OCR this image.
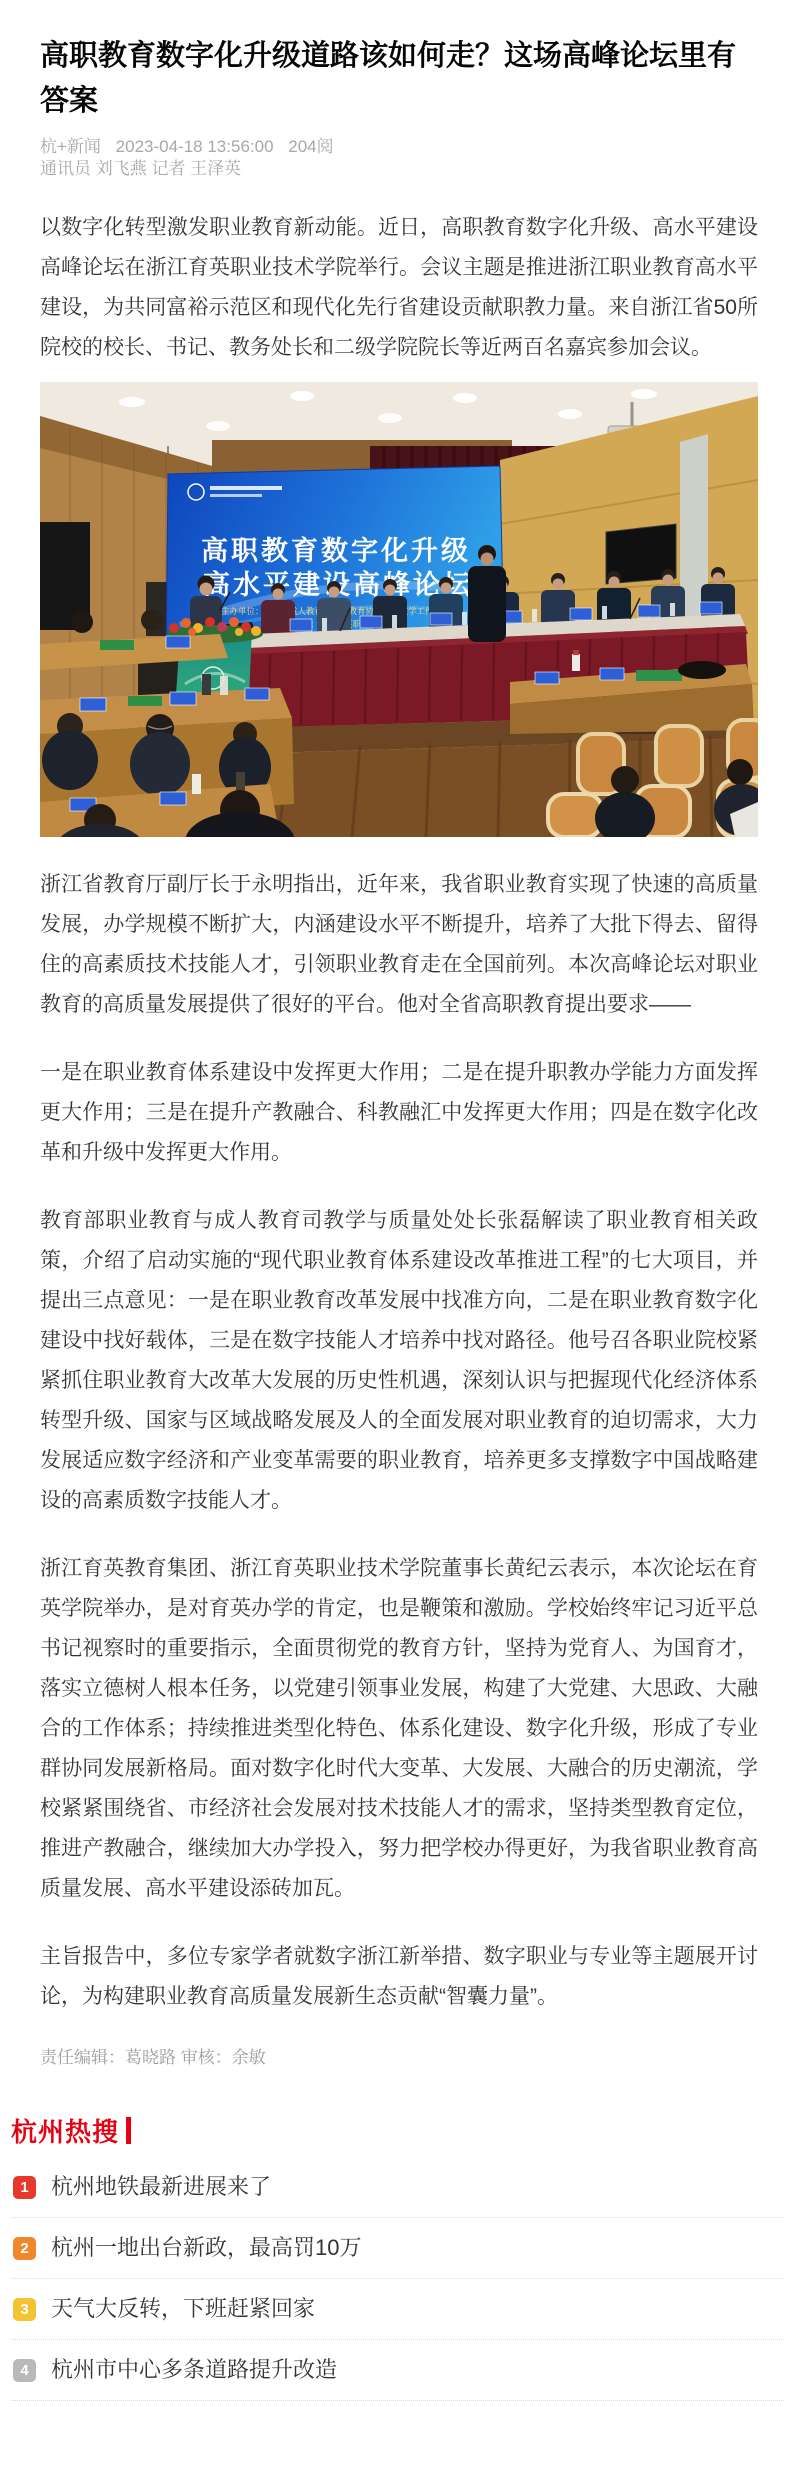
高职教育数字化升级道路该如何走？这场高峰论坛里有答案
杭+新闻 2023-04-18 13:56:00 204阅
通讯员 刘飞燕 记者 王泽英

以数字化转型激发职业教育新动能。近日，高职教育数字化升级、高水平建设高峰论坛在浙江育英职业技术学院举行。会议主题是推进浙江职业教育高水平建设，为共同富裕示范区和现代化先行省建设贡献职教力量。来自浙江省50所院校的校长、书记、教务处长和二级学院院长等近两百名嘉宾参加会议。

高职教育数字化升级

浙江省教育厅副厅长于永明指出，近年来，我省职业教育实现了快速的高质量发展，办学规模不断扩大，内涵建设水平不断提升，培养了大批下得去、留得住的高素质技术技能人才，引领职业教育走在全国前列。本次高峰论坛对职业教育的高质量发展提供了很好的平台。他对全省高职教育提出要求——

一是在职业教育体系建设中发挥更大作用；二是在提升职教办学能力方面发挥更大作用；三是在提升产教融合、科教融汇中发挥更大作用；四是在数字化改革和升级中发挥更大作用。

教育部职业教育与成人教育司教学与质量处处长张磊解读了职业教育相关政策，介绍了启动实施的“现代职业教育体系建设改革推进工程”的七大项目，并提出三点意见：一是在职业教育改革发展中找准方向，二是在职业教育数字化建设中找好载体，三是在数字技能人才培养中找对路径。他号召各职业院校紧紧抓住职业教育大改革大发展的历史性机遇，深刻认识与把握现代化经济体系转型升级、国家与区域战略发展及人的全面发展对职业教育的迫切需求，大力发展适应数字经济和产业变革需要的职业教育，培养更多支撑数字中国战略建设的高素质数字技能人才。

浙江育英教育集团、浙江育英职业技术学院董事长黄纪云表示，本次论坛在育英学院举办，是对育英办学的肯定，也是鞭策和激励。学校始终牢记习近平总书记视察时的重要指示，全面贯彻党的教育方针，坚持为党育人、为国育才，落实立德树人根本任务，以党建引领事业发展，构建了大党建、大思政、大融合的工作体系；持续推进类型化特色、体系化建设、数字化升级，形成了专业群协同发展新格局。面对数字化时代大变革、大发展、大融合的历史潮流，学校紧紧围绕省、市经济社会发展对技术技能人才的需求，坚持类型教育定位，推进产教融合，继续加大办学投入，努力把学校办得更好，为我省职业教育高质量发展、高水平建设添砖加瓦。

主旨报告中，多位专家学者就数字浙江新举措、数字职业与专业等主题展开讨论，为构建职业教育高质量发展新生态贡献“智囊力量”。

责任编辑：葛晓路 审核：余敏
杭州热搜
1	杭州地铁最新进展来了
2	杭州一地出台新政，最高罚10万
3	天气大反转，下班赶紧回家
4	杭州市中心多条道路提升改造
